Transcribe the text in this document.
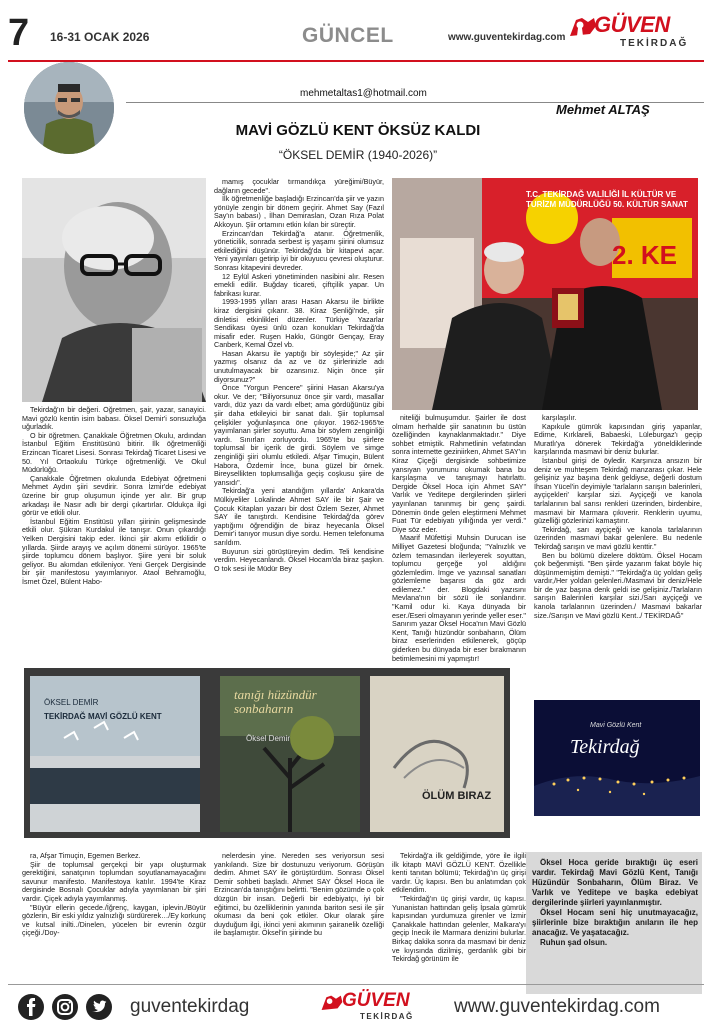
7 16-31 OCAK 2026	GÜNCEL	www.guventekirdag.com
GÜVEN
TEKİRDAĞ
mehmetaltas1@hotmail.com
Mehmet ALTAŞ
MAVİ GÖZLÜ KENT ÖKSÜZ KALDI
“ÖKSEL DEMİR (1940-2026)”
T.C. TEKİRDAĞ VALİLİĞİ İL KÜLTÜR VE TURİZM MÜDÜRLÜĞÜ 50. KÜLTÜR SANAT
2. KE

Tekirdağ'ın bir değeri. Öğretmen, şair, yazar, sanayici. Mavi gözlü kentin isim babası. Öksel Demir'i sonsuzluğa uğurladık.

O bir öğretmen. Çanakkale Öğretmen Okulu, ardından İstanbul Eğitim Enstitüsünü bitirir. İlk öğretmenliği Erzincan Ticaret Lisesi. Sonrası Tekirdağ Ticaret Lisesi ve 50. Yıl Ortaokulu Türkçe öğretmenliği. Ve Okul Müdürlüğü.

Çanakkale Öğretmen okulunda Edebiyat öğretmeni Mehmet Aydın şiiri sevdirir. Sonra İzmir'de edebiyat üzerine bir grup oluşumun içinde yer alır. Bir grup arkadaşı ile Nasır adlı bir dergi çıkartırlar. Oldukça ilgi görür ve etkili olur.

İstanbul Eğitim Enstitüsü yılları şiirinin gelişmesinde etkili olur. Şükran Kurdakul ile tanışır. Onun çıkardığı Yelken Dergisini takip eder. İkinci şiir akımı etkilidir o yıllarda. Şiirde arayış ve açılım dönemi sürüyor. 1965'te şiirde toplumcu dönem başlıyor. Şiire yeni bir soluk geliyor. Bu akımdan etkileniyor. Yeni Gerçek Dergisinde bir şiir manifestosu yayımlanıyor. Ataol Behramoğlu, İsmet Özel, Bülent Habo-

mamış çocuklar tırmandıkça yüreğimi/Büyür, dağların gecede".

İlk öğretmenliğe başladığı Erzincan'da şiir ve yazın yönüyle zengin bir dönem geçirir. Ahmet Say (Fazıl Say'ın babası) , İlhan Demiraslan, Ozan Rıza Polat Akkoyun. Şiir ortamını etkin kılan bir süreçtir.

Erzincan'dan Tekirdağ'a atanır. Öğretmenlik, yöneticilik, sonrada serbest iş yaşamı şiirini olumsuz etkilediğini düşünür. Tekirdağ'da bir kitapevi açar. Yeni yayınları getirip iyi bir okuyucu çevresi oluşturur. Sonrası kitapevini devreder.

12 Eylül Askeri yönetiminden nasibini alır. Resen emekli edilir. Buğday ticareti, çiftçilik yapar. Un fabrikası kurar.

1993-1995 yılları arası Hasan Akarsu ile birlikte kiraz dergisini çıkarır. 38. Kiraz Şenliği'nde, şiir dinletisi etkinlikleri düzenler. Türkiye Yazarlar Sendikası üyesi ünlü ozan konukları Tekirdağ'da misafir eder. Ruşen Hakkı, Güngör Gençay, Eray Canberk, Kemal Özel vb.

Hasan Akarsu ile yaptığı bir söyleşide;" Az şiir yazmış olsanız da az ve öz şiirlerinizle adı unutulmayacak bir ozansınız. Niçin önce şiir diyorsunuz?"

Önce "Yorgun Pencere" şiirini Hasan Akarsu'ya okur. Ve der; "Biliyorsunuz önce şiir vardı, masallar vardı, düz yazı da vardı elbet; ama gördüğünüz gibi şiir daha etkileyici bir sanat dalı. Şiir toplumsal çelişkiler yoğunlaşınca öne çıkıyor. 1962-1965'te yayımlanan şiirler soyuttu. Ama bir söylem zenginliği vardı. Sınırları zorluyordu. 1965'te bu şiirlere toplumsal bir içerik de girdi. Söylem ve simge zenginliği şiiri olumlu etkiledi. Afşar Timuçin, Bülent Habora, Özdemir İnce, buna güzel bir örnek. Bireysellikten toplumsallığa geçiş coşkusu şiire de yansıdı".

Tekirdağ'a yeni atandığım yıllarda' Ankara'da Mülkiyeliler Lokalinde Ahmet SAY ile bir Şair ve Çocuk Kitapları yazarı bir dost Özlem Sezer, Ahmet SAY ile tanıştırdı. Kendisine Tekirdağ'da görev yaptığımı öğrendiğin de biraz heyecanla Öksel Demir'i tanıyor musun diye sordu. Hemen telefonuma sarıldım.

Buyurun sizi görüştüreyim dedim. Teli kendisine verdim. Heyecanlandı. Öksel Hocam'da biraz şaşkın. O tok sesi ile Müdür Bey

niteliği bulmuşumdur. Şairler ile dost olmam herhalde şiir sanatının bu üstün özelliğinden kaynaklanmaktadır." Diye sohbet etmiştik. Rahmetlinin vefatından sonra internette geziniirken, Ahmet SAY'ın Kiraz Çiçeği dergisinde sohbetimize yansıyan yorumunu okumak bana bu karşılaşma ve tanışmayı hatırlattı. Dergide Öksel Hoca için Ahmet SAY" Varlık ve Yeditepe dergilerinden şiirleri yayınlanan tanınmış bir genç şairdi. Dönemin önde gelen eleştirmeni Mehmet Fuat Tür edebiyatı yıllığında yer verdi." Diye söz eder.

Maarif Müfettişi Muhsin Durucan ise Milliyet Gazetesi bloğunda; "Yalnızlık ve özlem temasından ilerleyerek soyuttan, toplumcu gerçeğe yol aldığını gözlemledim. İmge ve yazınsal sanatları gözlemleme başarısı da göz ardı edilemez." der. Blogdaki yazısını Mevlana'nın bir sözü ile sonlandırır. "Kamil odur ki. Kaya dünyada bir eser./Eseri olmayanın yerinde yeller eser." Sanırım yazar Öksel Hoca'nın Mavi Gözlü Kent, Tanığı hüzündür sonbaharın, Ölüm biraz eserlerinden etkilenerek, göçüp giderken bu dünyada bir eser bırakmanın betimlemesini mi yapmıştır!

karşılaşılır.

Kapıkule gümrük kapısından giriş yapanlar, Edirne, Kırklareli, Babaeski, Lüleburgaz'ı geçip Muratlı'ya dönerek Tekirdağ'a yöneldiklerinde karşılarında masmavi bir deniz bulurlar.

İstanbul girişi de öyledir. Karşınıza ansızın bir deniz ve muhteşem Tekirdağ manzarası çıkar. Hele gelişiniz yaz başına denk geldiyse, değerli dostum İhsan Yücel'in deyimiyle 'tarlaların sarışın balerinleri, ayçiçekleri' karşılar sizi. Ayçiçeği ve kanola tarlalarının bal sarısı renkleri üzerinden, birdenbire, masmavi bir Marmara çıkıverir. Renklerin uyumu, güzelliği gözlerinizi kamaştırır.

Tekirdağ, sarı ayçiçeği ve kanola tarlalarının üzerinden masmavi bakar gelenlere. Bu nedenle Tekirdağ sarışın ve mavi gözlü kenttir."

Ben bu bölümü dizelere döktüm. Öksel Hocam çok beğenmişti. "Ben şiirde yazarım fakat böyle hiç düşünmemiştim demişti." "Tekirdağ'a üç yoldan geliş vardır,/Her yoldan gelenleri./Masmavi bir deniz/Hele bir de yaz başına denk geldi ise gelişiniz./Tarlaların sarışın Balerinleri karşılar sizi./Sarı ayçiçeği ve kanola tarlalarının üzerinden./ Masmavi bakarlar size./Sarışın ve Mavi gözlü Kent../ TEKİRDAĞ"

ÖKSEL DEMİR
TEKİRDAĞ MAVİ GÖZLÜ KENT
tanığı hüzündür sonbaharın
Öksel Demir
ÖLÜM BIRAZ
Mavi Gözlü Kent
Tekirdağ

ra, Afşar Timuçin, Egemen Berkez.

Şiir de toplumsal gerçekçi bir yapı oluşturmak gerektiğini, sanatçının toplumdan soyutlanamayacağını savunur manifesto. Manifestoya katılır. 1994'te Kiraz dergisinde Bosnalı Çocuklar adıyla yayımlanan bir şiiri vardır. Çiçek adıyla yayımlanmış.

"Büyür ellerin gecede./İğrenç, kaygan, iplevin./Büyür gözlerin, Bir eski yıldız yalnızlığı sürdürerek…/Ey korkunç ve kutsal inilti../Dinelen, yücelen bir evrenin özgür çiçeği./Doy-

nelerdesin yine. Nereden ses veriyorsun sesi yankılandı. Size bir dostunuzu veriyorum. Görüşün dedim. Ahmet SAY ile görüştürdüm. Sonrası Öksel Demir sohbeti başladı. Ahmet SAY Öksel Hoca ile Erzincan'da tanıştığını belirtti. "Benim gözümde o çok düzgün bir insan. Değerli bir edebiyatçı, iyi bir eğitimci, bu özelliklerinin yanında bariton sesi ile şiir okuması da beni çok etkiler. Okur olarak şiire duyduğum ilgi, ikinci yeni akımının şairanelik özelliği ile başlamıştır. Öksel'in şiirinde bu

Tekirdağ'a ilk geldiğimde, yöre ile ilgili ilk kitaptı MAVİ GÖZLÜ KENT. Özellikle kenti tanıtan bölümü; Tekirdağ'ın üç girişi vardır. Üç kapısı. Ben bu anlatımdan çok etkilendim.

"Tekirdağ'ın üç girişi vardır, üç kapısı. Yunanistan hattından geliş İpsala gümrük kapısından yurdumuza girenler ve İzmir Çanakkale hattından gelenler, Malkara'yı geçip İnecik ile Marmara denizini bulurlar. Birkaç dakika sonra da masmavi bir deniz ve kıyısında dizilmiş, gerdanlık gibi bir Tekirdağ görünüm ile

Öksel Hoca geride bıraktığı üç eseri vardır. Tekirdağ Mavi Gözlü Kent, Tanığı Hüzündür Sonbaharın, Ölüm Biraz. Ve Varlık ve Yeditepe ve başka edebiyat dergilerinde şiirleri yayınlanmıştır.

Öksel Hocam seni hiç unutmayacağız, şiirlerinle bize bıraktığın anıların ile hep anacağız. Ve yaşatacağız.

Ruhun şad olsun.

guventekirdag	GÜVEN
TEKİRDAĞ www.guventekirdag.com
